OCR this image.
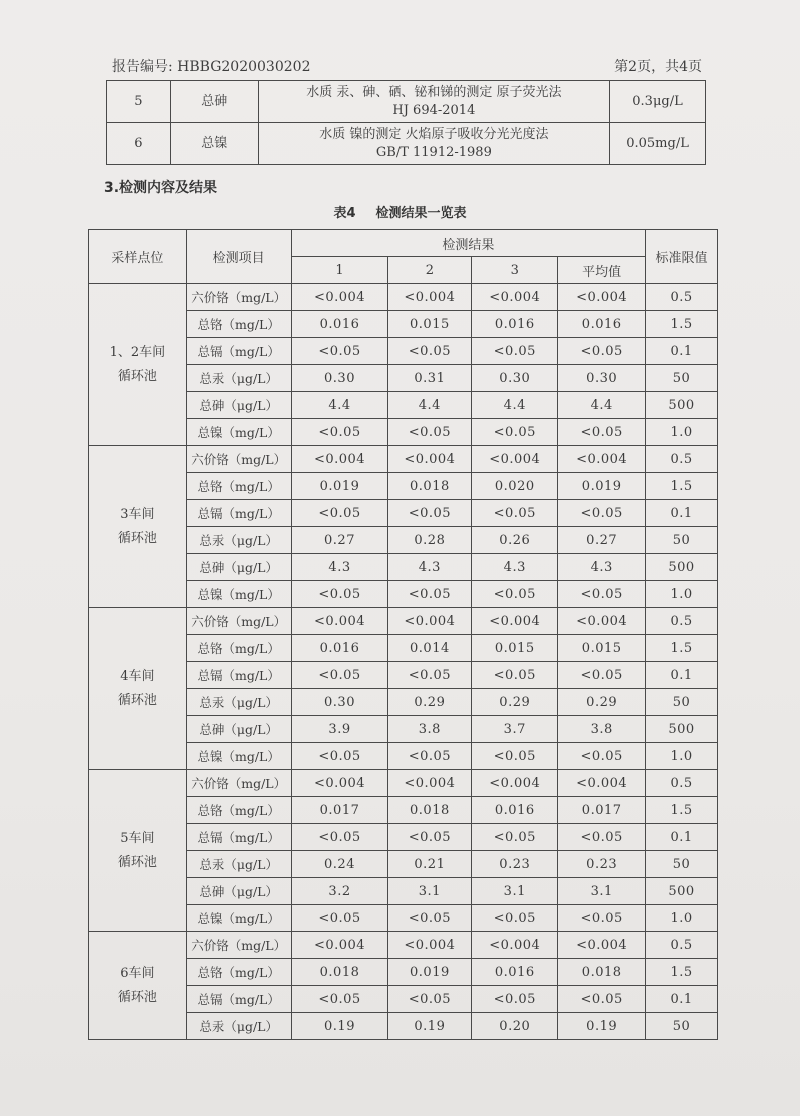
报告编号: HBBG2020030202	第2页，共4页
5	总砷	水质 汞、砷、硒、铋和锑的测定 原子荧光法
HJ 694-2014	0.3μg/L
6	总镍	水质 镍的测定 火焰原子吸收分光光度法
GB/T 11912-1989	0.05mg/L
3.检测内容及结果
表4 检测结果一览表
采样点位	检测项目	检测结果				标准限值
		1	2	3	平均值	

1、2车间
循环池	六价铬（mg/L）	<0.004	<0.004	<0.004	<0.004	0.5
	总铬（mg/L）	0.016	0.015	0.016	0.016	1.5
	总镉（mg/L）	<0.05	<0.05	<0.05	<0.05	0.1
	总汞（μg/L）	0.30	0.31	0.30	0.30	50
	总砷（μg/L）	4.4	4.4	4.4	4.4	500
	总镍（mg/L）	<0.05	<0.05	<0.05	<0.05	1.0

3车间
循环池	六价铬（mg/L）	<0.004	<0.004	<0.004	<0.004	0.5
	总铬（mg/L）	0.019	0.018	0.020	0.019	1.5
	总镉（mg/L）	<0.05	<0.05	<0.05	<0.05	0.1
	总汞（μg/L）	0.27	0.28	0.26	0.27	50
	总砷（μg/L）	4.3	4.3	4.3	4.3	500
	总镍（mg/L）	<0.05	<0.05	<0.05	<0.05	1.0

4车间
循环池	六价铬（mg/L）	<0.004	<0.004	<0.004	<0.004	0.5
	总铬（mg/L）	0.016	0.014	0.015	0.015	1.5
	总镉（mg/L）	<0.05	<0.05	<0.05	<0.05	0.1
	总汞（μg/L）	0.30	0.29	0.29	0.29	50
	总砷（μg/L）	3.9	3.8	3.7	3.8	500
	总镍（mg/L）	<0.05	<0.05	<0.05	<0.05	1.0

5车间
循环池	六价铬（mg/L）	<0.004	<0.004	<0.004	<0.004	0.5
	总铬（mg/L）	0.017	0.018	0.016	0.017	1.5
	总镉（mg/L）	<0.05	<0.05	<0.05	<0.05	0.1
	总汞（μg/L）	0.24	0.21	0.23	0.23	50
	总砷（μg/L）	3.2	3.1	3.1	3.1	500
	总镍（mg/L）	<0.05	<0.05	<0.05	<0.05	1.0

6车间
循环池	六价铬（mg/L）	<0.004	<0.004	<0.004	<0.004	0.5
	总铬（mg/L）	0.018	0.019	0.016	0.018	1.5
	总镉（mg/L）	<0.05	<0.05	<0.05	<0.05	0.1
	总汞（μg/L）	0.19	0.19	0.20	0.19	50
